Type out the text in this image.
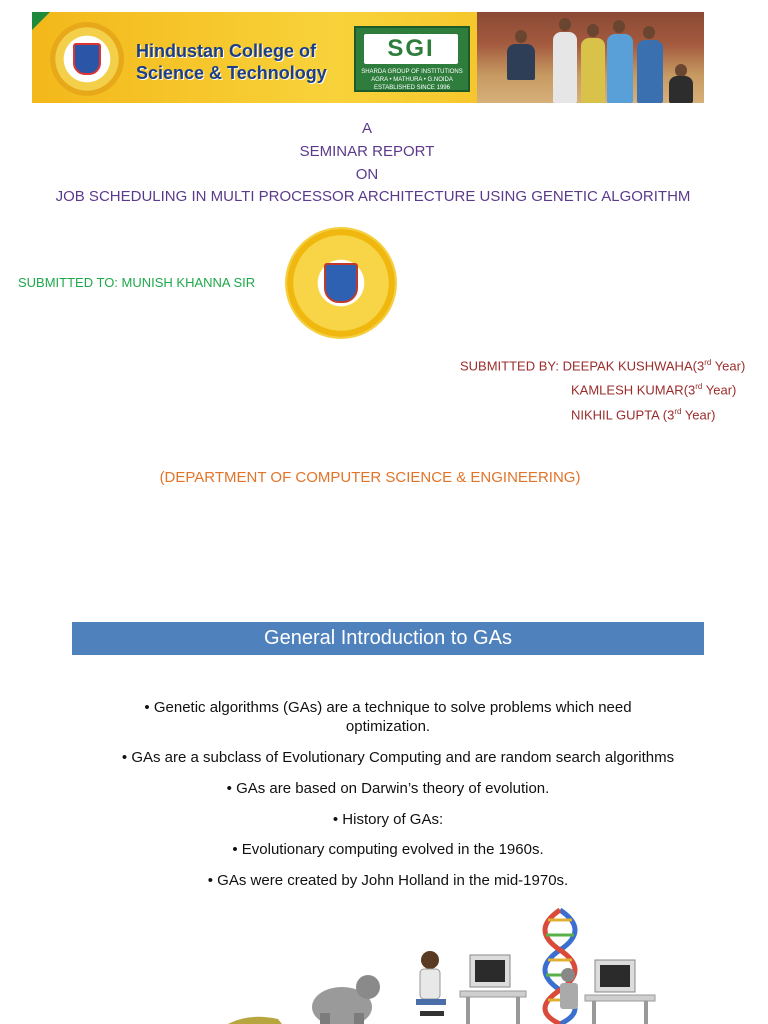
Hindustan College of
Science & Technology
SGI
SHARDA GROUP OF INSTITUTIONS
AGRA • MATHURA • G.NOIDA
ESTABLISHED SINCE 1996
A
SEMINAR REPORT
ON
JOB SCHEDULING IN MULTI PROCESSOR ARCHITECTURE USING GENETIC ALGORITHM
SUBMITTED TO: MUNISH KHANNA SIR
SUBMITTED BY: DEEPAK KUSHWAHA(3rd Year)
KAMLESH KUMAR(3rd Year)
NIKHIL GUPTA (3rd Year)
(DEPARTMENT OF COMPUTER SCIENCE & ENGINEERING)
General Introduction to GAs
• Genetic algorithms (GAs) are a technique to solve problems which need
optimization.
• GAs are a subclass of Evolutionary Computing and are random search algorithms
• GAs are based on Darwin’s theory of evolution.
• History of GAs:
• Evolutionary computing evolved in the 1960s.
• GAs were created by John Holland in the mid-1970s.
